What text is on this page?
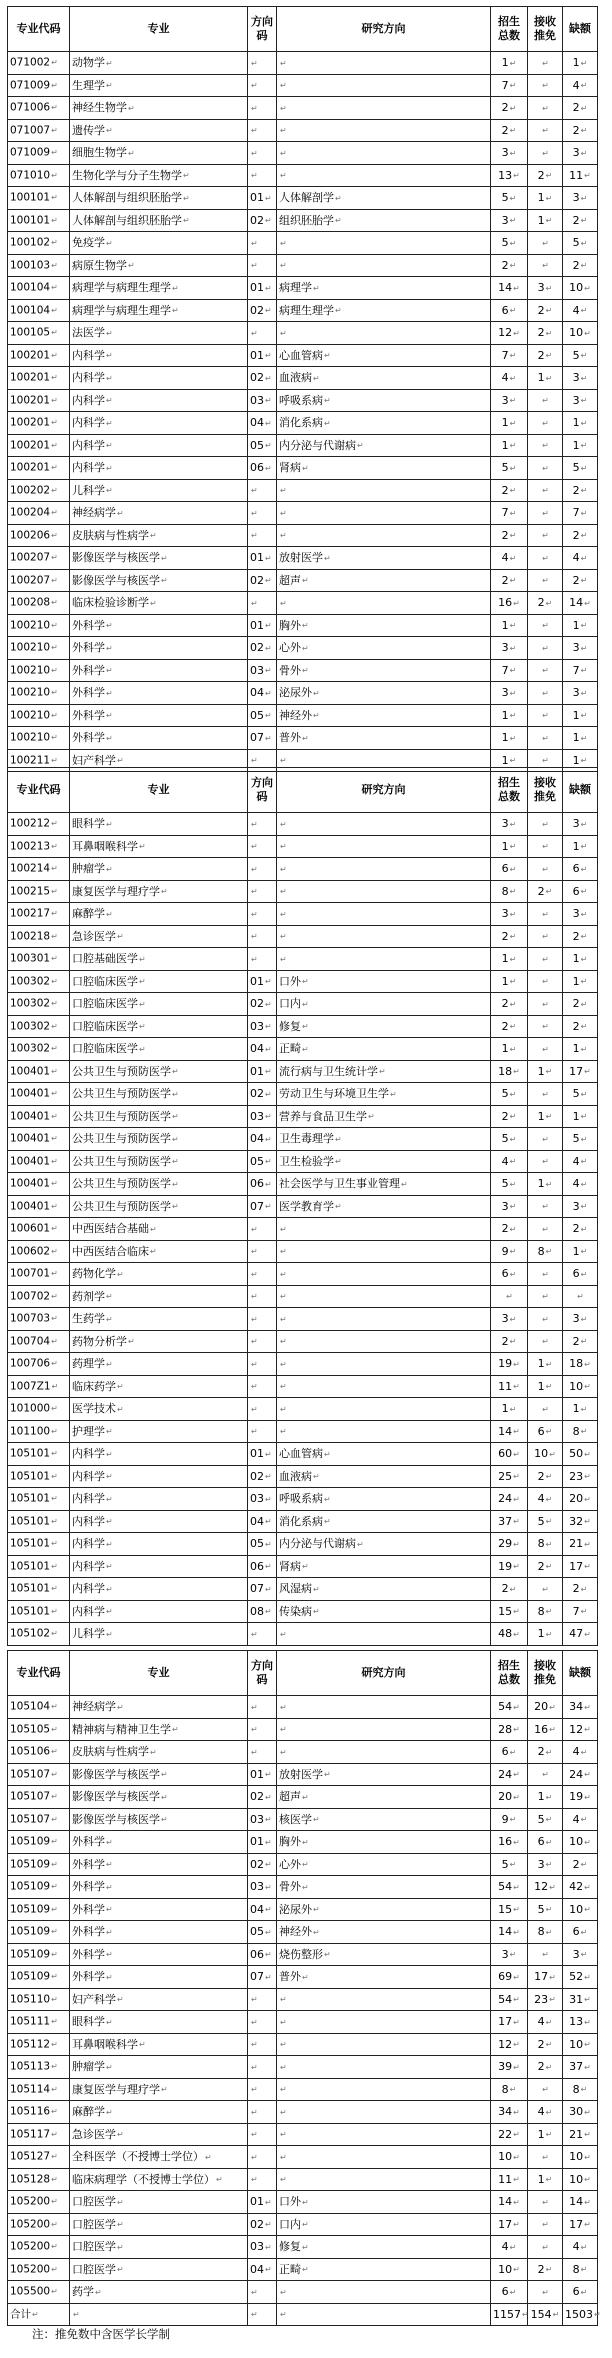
专业代码	专业	方向码	研究方向	招生总数	接收推免	缺额
071002↵	动物学↵	↵	↵	1↵	↵	1↵
071009↵	生理学↵	↵	↵	7↵	↵	4↵
071006↵	神经生物学↵	↵	↵	2↵	↵	2↵
071007↵	遗传学↵	↵	↵	2↵	↵	2↵
071009↵	细胞生物学↵	↵	↵	3↵	↵	3↵
071010↵	生物化学与分子生物学↵	↵	↵	13↵	2↵	11↵
100101↵	人体解剖与组织胚胎学↵	01↵	人体解剖学↵	5↵	1↵	3↵
100101↵	人体解剖与组织胚胎学↵	02↵	组织胚胎学↵	3↵	1↵	2↵
100102↵	免疫学↵	↵	↵	5↵	↵	5↵
100103↵	病原生物学↵	↵	↵	2↵	↵	2↵
100104↵	病理学与病理生理学↵	01↵	病理学↵	14↵	3↵	10↵
100104↵	病理学与病理生理学↵	02↵	病理生理学↵	6↵	2↵	4↵
100105↵	法医学↵	↵	↵	12↵	2↵	10↵
100201↵	内科学↵	01↵	心血管病↵	7↵	2↵	5↵
100201↵	内科学↵	02↵	血液病↵	4↵	1↵	3↵
100201↵	内科学↵	03↵	呼吸系病↵	3↵	↵	3↵
100201↵	内科学↵	04↵	消化系病↵	1↵	↵	1↵
100201↵	内科学↵	05↵	内分泌与代谢病↵	1↵	↵	1↵
100201↵	内科学↵	06↵	肾病↵	5↵	↵	5↵
100202↵	儿科学↵	↵	↵	2↵	↵	2↵
100204↵	神经病学↵	↵	↵	7↵	↵	7↵
100206↵	皮肤病与性病学↵	↵	↵	2↵	↵	2↵
100207↵	影像医学与核医学↵	01↵	放射医学↵	4↵	↵	4↵
100207↵	影像医学与核医学↵	02↵	超声↵	2↵	↵	2↵
100208↵	临床检验诊断学↵	↵	↵	16↵	2↵	14↵
100210↵	外科学↵	01↵	胸外↵	1↵	↵	1↵
100210↵	外科学↵	02↵	心外↵	3↵	↵	3↵
100210↵	外科学↵	03↵	骨外↵	7↵	↵	7↵
100210↵	外科学↵	04↵	泌尿外↵	3↵	↵	3↵
100210↵	外科学↵	05↵	神经外↵	1↵	↵	1↵
100210↵	外科学↵	07↵	普外↵	1↵	↵	1↵
100211↵	妇产科学↵	↵	↵	1↵	↵	1↵
专业代码	专业	方向码	研究方向	招生总数	接收推免	缺额
100212↵	眼科学↵	↵	↵	3↵	↵	3↵
100213↵	耳鼻咽喉科学↵	↵	↵	1↵	↵	1↵
100214↵	肿瘤学↵	↵	↵	6↵	↵	6↵
100215↵	康复医学与理疗学↵	↵	↵	8↵	2↵	6↵
100217↵	麻醉学↵	↵	↵	3↵	↵	3↵
100218↵	急诊医学↵	↵	↵	2↵	↵	2↵
100301↵	口腔基础医学↵	↵	↵	1↵	↵	1↵
100302↵	口腔临床医学↵	01↵	口外↵	1↵	↵	1↵
100302↵	口腔临床医学↵	02↵	口内↵	2↵	↵	2↵
100302↵	口腔临床医学↵	03↵	修复↵	2↵	↵	2↵
100302↵	口腔临床医学↵	04↵	正畸↵	1↵	↵	1↵
100401↵	公共卫生与预防医学↵	01↵	流行病与卫生统计学↵	18↵	1↵	17↵
100401↵	公共卫生与预防医学↵	02↵	劳动卫生与环境卫生学↵	5↵	↵	5↵
100401↵	公共卫生与预防医学↵	03↵	营养与食品卫生学↵	2↵	1↵	1↵
100401↵	公共卫生与预防医学↵	04↵	卫生毒理学↵	5↵	↵	5↵
100401↵	公共卫生与预防医学↵	05↵	卫生检验学↵	4↵	↵	4↵
100401↵	公共卫生与预防医学↵	06↵	社会医学与卫生事业管理↵	5↵	1↵	4↵
100401↵	公共卫生与预防医学↵	07↵	医学教育学↵	3↵	↵	3↵
100601↵	中西医结合基础↵	↵	↵	2↵	↵	2↵
100602↵	中西医结合临床↵	↵	↵	9↵	8↵	1↵
100701↵	药物化学↵	↵	↵	6↵	↵	6↵
100702↵	药剂学↵	↵	↵	↵	↵	↵
100703↵	生药学↵	↵	↵	3↵	↵	3↵
100704↵	药物分析学↵	↵	↵	2↵	↵	2↵
100706↵	药理学↵	↵	↵	19↵	1↵	18↵
1007Z1↵	临床药学↵	↵	↵	11↵	1↵	10↵
101000↵	医学技术↵	↵	↵	1↵	↵	1↵
101100↵	护理学↵	↵	↵	14↵	6↵	8↵
105101↵	内科学↵	01↵	心血管病↵	60↵	10↵	50↵
105101↵	内科学↵	02↵	血液病↵	25↵	2↵	23↵
105101↵	内科学↵	03↵	呼吸系病↵	24↵	4↵	20↵
105101↵	内科学↵	04↵	消化系病↵	37↵	5↵	32↵
105101↵	内科学↵	05↵	内分泌与代谢病↵	29↵	8↵	21↵
105101↵	内科学↵	06↵	肾病↵	19↵	2↵	17↵
105101↵	内科学↵	07↵	风湿病↵	2↵	↵	2↵
105101↵	内科学↵	08↵	传染病↵	15↵	8↵	7↵
105102↵	儿科学↵	↵	↵	48↵	1↵	47↵
专业代码	专业	方向码	研究方向	招生总数	接收推免	缺额
105104↵	神经病学↵	↵	↵	54↵	20↵	34↵
105105↵	精神病与精神卫生学↵	↵	↵	28↵	16↵	12↵
105106↵	皮肤病与性病学↵	↵	↵	6↵	2↵	4↵
105107↵	影像医学与核医学↵	01↵	放射医学↵	24↵	↵	24↵
105107↵	影像医学与核医学↵	02↵	超声↵	20↵	1↵	19↵
105107↵	影像医学与核医学↵	03↵	核医学↵	9↵	5↵	4↵
105109↵	外科学↵	01↵	胸外↵	16↵	6↵	10↵
105109↵	外科学↵	02↵	心外↵	5↵	3↵	2↵
105109↵	外科学↵	03↵	骨外↵	54↵	12↵	42↵
105109↵	外科学↵	04↵	泌尿外↵	15↵	5↵	10↵
105109↵	外科学↵	05↵	神经外↵	14↵	8↵	6↵
105109↵	外科学↵	06↵	烧伤整形↵	3↵	↵	3↵
105109↵	外科学↵	07↵	普外↵	69↵	17↵	52↵
105110↵	妇产科学↵	↵	↵	54↵	23↵	31↵
105111↵	眼科学↵	↵	↵	17↵	4↵	13↵
105112↵	耳鼻咽喉科学↵	↵	↵	12↵	2↵	10↵
105113↵	肿瘤学↵	↵	↵	39↵	2↵	37↵
105114↵	康复医学与理疗学↵	↵	↵	8↵	↵	8↵
105116↵	麻醉学↵	↵	↵	34↵	4↵	30↵
105117↵	急诊医学↵	↵	↵	22↵	1↵	21↵
105127↵	全科医学（不授博士学位）↵	↵	↵	10↵	↵	10↵
105128↵	临床病理学（不授博士学位）↵	↵	↵	11↵	1↵	10↵
105200↵	口腔医学↵	01↵	口外↵	14↵	↵	14↵
105200↵	口腔医学↵	02↵	口内↵	17↵	↵	17↵
105200↵	口腔医学↵	03↵	修复↵	4↵	↵	4↵
105200↵	口腔医学↵	04↵	正畸↵	10↵	2↵	8↵
105500↵	药学↵	↵	↵	6↵	↵	6↵
合计↵	↵	↵	↵	1157↵	154↵	1503↵
注：推免数中含医学长学制
